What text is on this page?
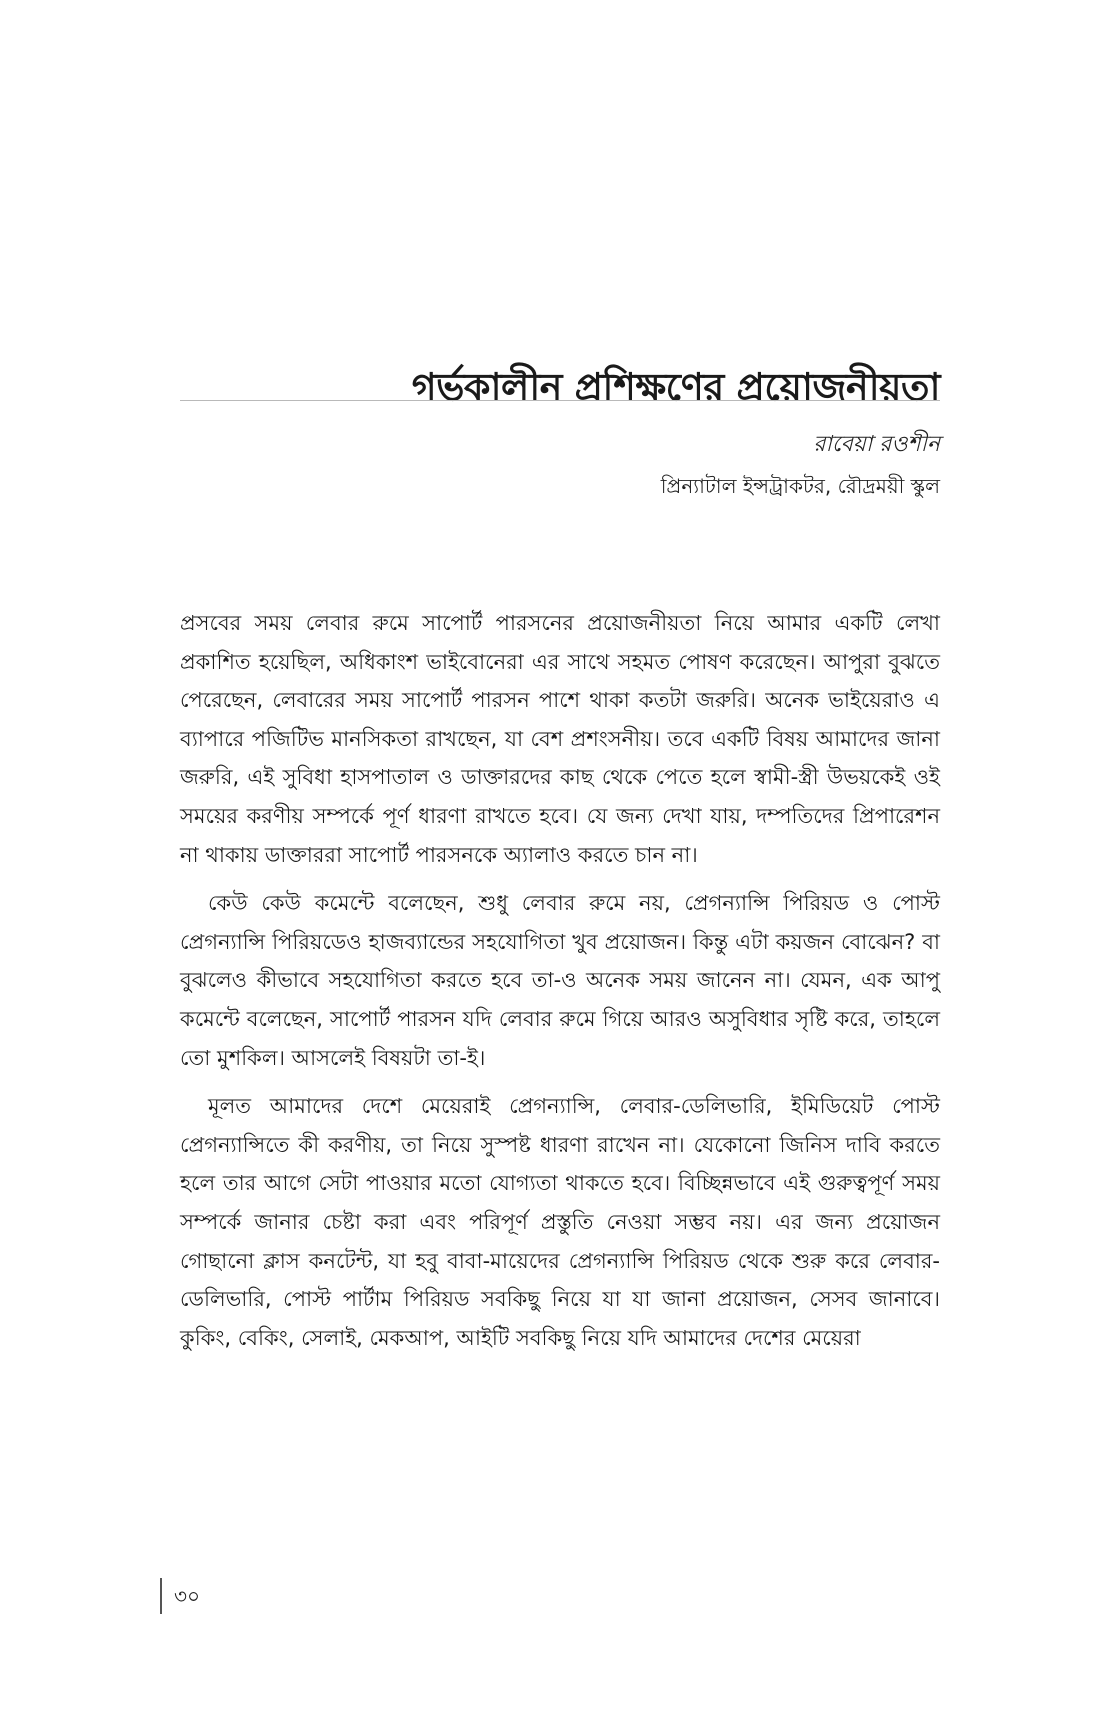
গর্ভকালীন প্রশিক্ষণের প্রয়োজনীয়তা
রাবেয়া রওশীন
প্রিন্যাটাল ইন্সট্রাকটর, রৌদ্রময়ী স্কুল

প্রসবের সময় লেবার রুমে সাপোর্ট পারসনের প্রয়োজনীয়তা নিয়ে আমার একটি লেখা প্রকাশিত হয়েছিল, অধিকাংশ ভাইবোনেরা এর সাথে সহমত পোষণ করেছেন। আপুরা বুঝতে পেরেছেন, লেবারের সময় সাপোর্ট পারসন পাশে থাকা কতটা জরুরি। অনেক ভাইয়েরাও এ ব্যাপারে পজিটিভ মানসিকতা রাখছেন, যা বেশ প্রশংসনীয়। তবে একটি বিষয় আমাদের জানা জরুরি, এই সুবিধা হাসপাতাল ও ডাক্তারদের কাছ থেকে পেতে হলে স্বামী-স্ত্রী উভয়কেই ওই সময়ের করণীয় সম্পর্কে পূর্ণ ধারণা রাখতে হবে। যে জন্য দেখা যায়, দম্পতিদের প্রিপারেশন না থাকায় ডাক্তাররা সাপোর্ট পারসনকে অ্যালাও করতে চান না।

কেউ কেউ কমেন্টে বলেছেন, শুধু লেবার রুমে নয়, প্রেগন্যান্সি পিরিয়ড ও পোস্ট প্রেগন্যান্সি পিরিয়ডেও হাজব্যান্ডের সহযোগিতা খুব প্রয়োজন। কিন্তু এটা কয়জন বোঝেন? বা বুঝলেও কীভাবে সহযোগিতা করতে হবে তা-ও অনেক সময় জানেন না। যেমন, এক আপু কমেন্টে বলেছেন, সাপোর্ট পারসন যদি লেবার রুমে গিয়ে আরও অসুবিধার সৃষ্টি করে, তাহলে তো মুশকিল। আসলেই বিষয়টা তা-ই।

মূলত আমাদের দেশে মেয়েরাই প্রেগন্যান্সি, লেবার-ডেলিভারি, ইমিডিয়েট পোস্ট প্রেগন্যান্সিতে কী করণীয়, তা নিয়ে সুস্পষ্ট ধারণা রাখেন না। যেকোনো জিনিস দাবি করতে হলে তার আগে সেটা পাওয়ার মতো যোগ্যতা থাকতে হবে। বিচ্ছিন্নভাবে এই গুরুত্বপূর্ণ সময় সম্পর্কে জানার চেষ্টা করা এবং পরিপূর্ণ প্রস্তুতি নেওয়া সম্ভব নয়। এর জন্য প্রয়োজন গোছানো ক্লাস কনটেন্ট, যা হবু বাবা-মায়েদের প্রেগন্যান্সি পিরিয়ড থেকে শুরু করে লেবার-ডেলিভারি, পোস্ট পার্টাম পিরিয়ড সবকিছু নিয়ে যা যা জানা প্রয়োজন, সেসব জানাবে। কুকিং, বেকিং, সেলাই, মেকআপ, আইটি সবকিছু নিয়ে যদি আমাদের দেশের মেয়েরা

৩০
